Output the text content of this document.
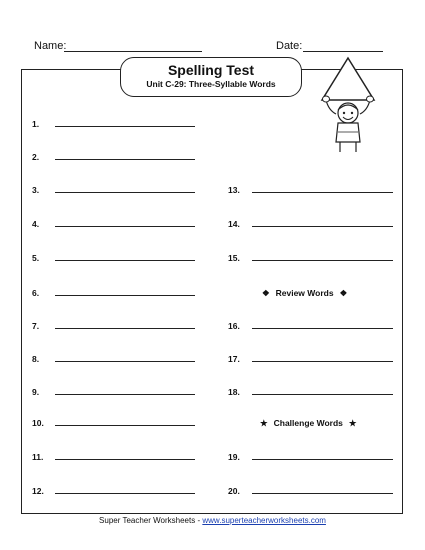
Name:	Date:
Spelling Test
Unit C-29: Three-Syllable Words
1.
2.
3.
4.
5.
6.
7.
8.
9.
10.
11.
12.
13.
14.
15.
❖ Review Words ❖
16.
17.
18.
★ Challenge Words ★
19.
20.
Super Teacher Worksheets - www.superteacherworksheets.com
